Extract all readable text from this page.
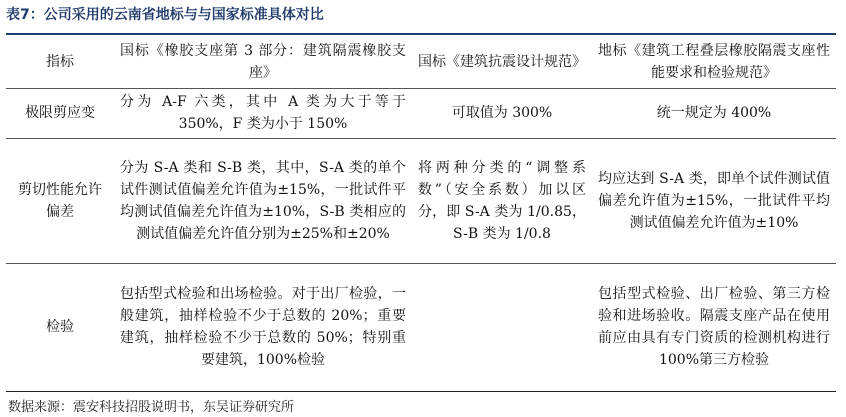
表7：公司采用的云南省地标与与国家标准具体对比
指标	国标《橡胶支座第 3 部分：建筑隔震橡胶支座》	国标《建筑抗震设计规范》	地标《建筑工程叠层橡胶隔震支座性能要求和检验规范》
极限剪应变	分为 A-F 六类，其中 A 类为大于等于 350%，F 类为小于 150%	可取值为 300%	统一规定为 400%
剪切性能允许偏差	分为 S-A 类和 S-B 类，其中，S-A 类的单个试件测试值偏差允许值为±15%，一批试件平均测试值偏差允许值为±10%，S-B 类相应的测试值偏差允许值分别为±25%和±20%	将两种分类的“调整系数”（安全系数）加以区分，即 S-A 类为 1/0.85，S-B 类为 1/0.8	均应达到 S-A 类，即单个试件测试值偏差允许值为±15%，一批试件平均测试值偏差允许值为±10%
检验	包括型式检验和出场检验。对于出厂检验，一般建筑，抽样检验不少于总数的 20%；重要建筑，抽样检验不少于总数的 50%；特别重要建筑，100%检验		包括型式检验、出厂检验、第三方检验和进场验收。隔震支座产品在使用前应由具有专门资质的检测机构进行 100%第三方检验
数据来源：震安科技招股说明书，东吴证券研究所
